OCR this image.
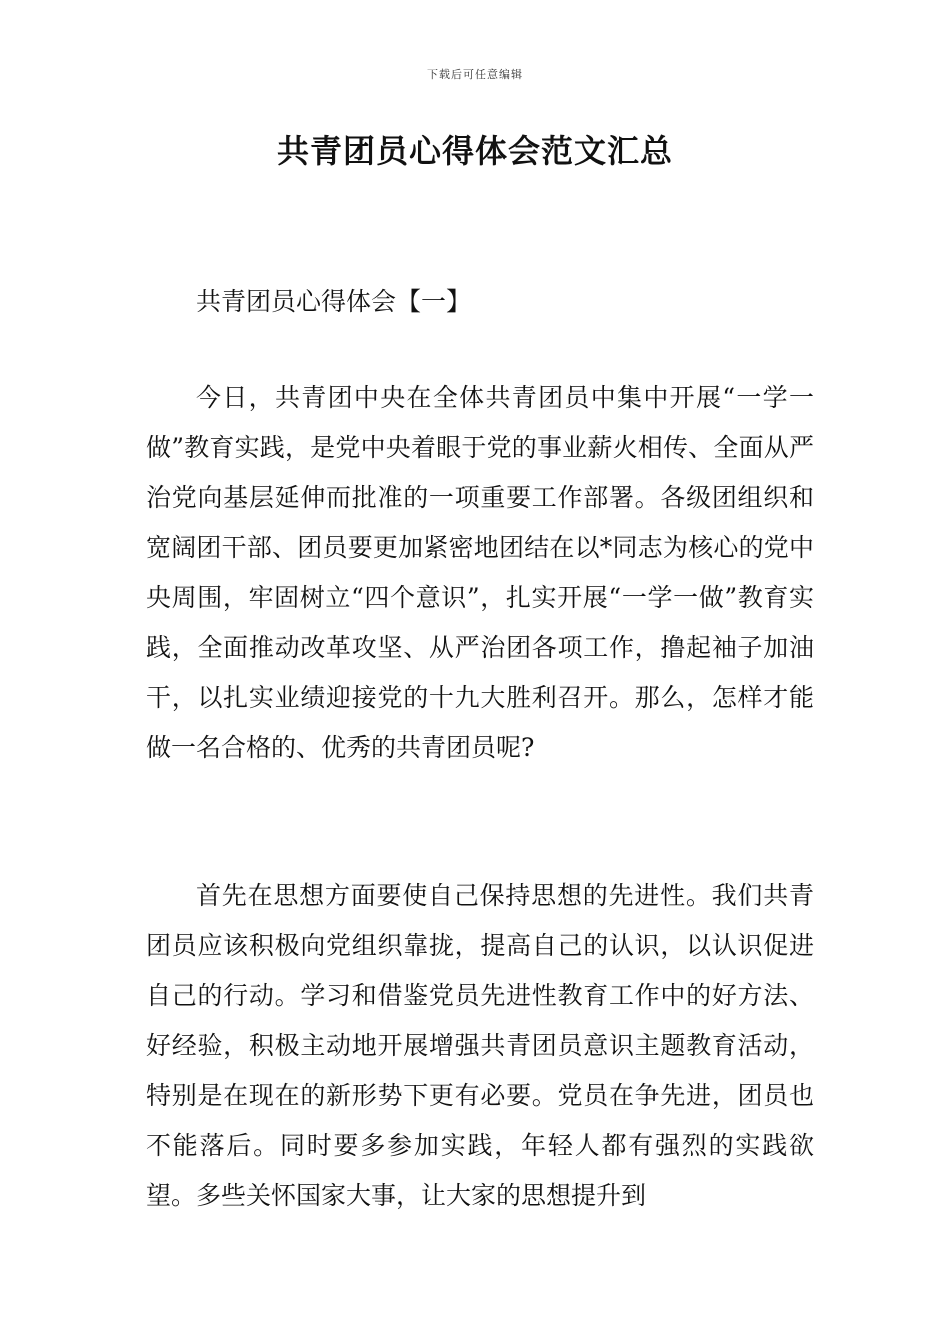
下载后可任意编辑
共青团员心得体会范文汇总
共青团员心得体会【一】

今日，共青团中央在全体共青团员中集中开展“一学一做”教育实践，是党中央着眼于党的事业薪火相传、全面从严治党向基层延伸而批准的一项重要工作部署。各级团组织和宽阔团干部、团员要更加紧密地团结在以*同志为核心的党中央周围，牢固树立“四个意识”，扎实开展“一学一做”教育实践，全面推动改革攻坚、从严治团各项工作，撸起袖子加油干，以扎实业绩迎接党的十九大胜利召开。那么，怎样才能做一名合格的、优秀的共青团员呢?

首先在思想方面要使自己保持思想的先进性。我们共青团员应该积极向党组织靠拢，提高自己的认识，以认识促进自己的行动。学习和借鉴党员先进性教育工作中的好方法、好经验，积极主动地开展增强共青团员意识主题教育活动，特别是在现在的新形势下更有必要。党员在争先进，团员也不能落后。同时要多参加实践，年轻人都有强烈的实践欲望。多些关怀国家大事，让大家的思想提升到
